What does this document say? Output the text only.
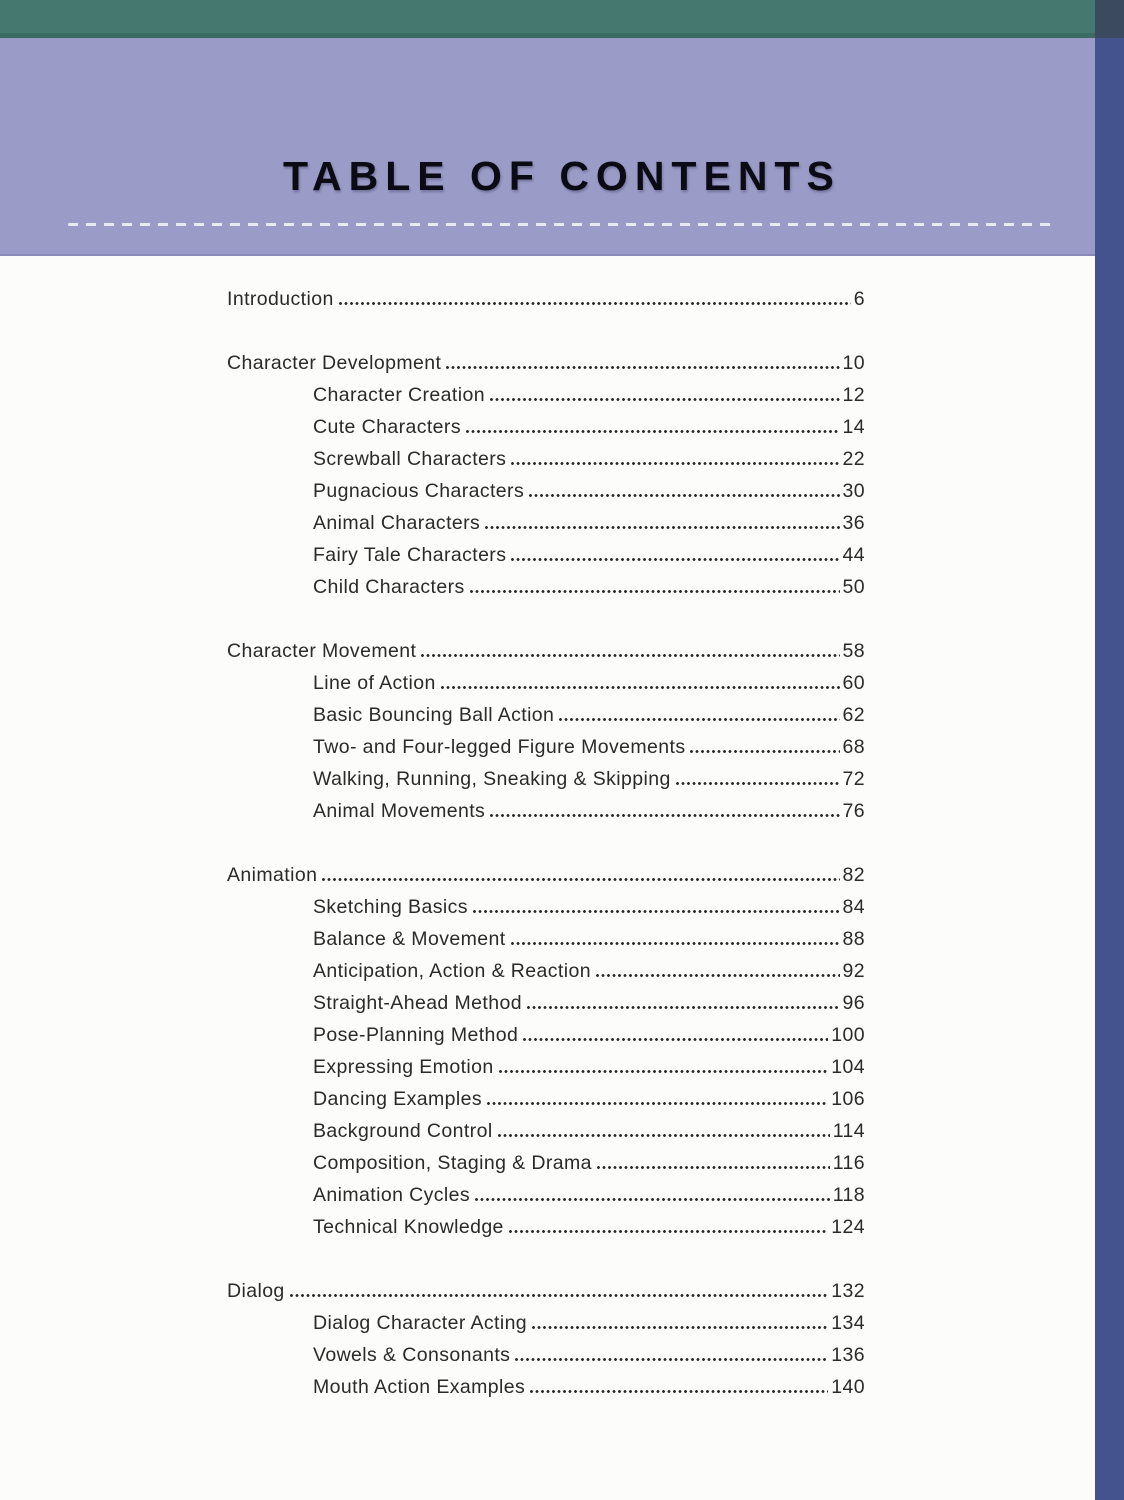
TABLE OF CONTENTS
Introduction	6
Character Development	10
Character Creation	12
Cute Characters	14
Screwball Characters	22
Pugnacious Characters	30
Animal Characters	36
Fairy Tale Characters	44
Child Characters	50
Character Movement	58
Line of Action	60
Basic Bouncing Ball Action	62
Two- and Four-legged Figure Movements	68
Walking, Running, Sneaking & Skipping	72
Animal Movements	76
Animation	82
Sketching Basics	84
Balance & Movement	88
Anticipation, Action & Reaction	92
Straight-Ahead Method	96
Pose-Planning Method	100
Expressing Emotion	104
Dancing Examples	106
Background Control	114
Composition, Staging & Drama	116
Animation Cycles	118
Technical Knowledge	124
Dialog	132
Dialog Character Acting	134
Vowels & Consonants	136
Mouth Action Examples	140
